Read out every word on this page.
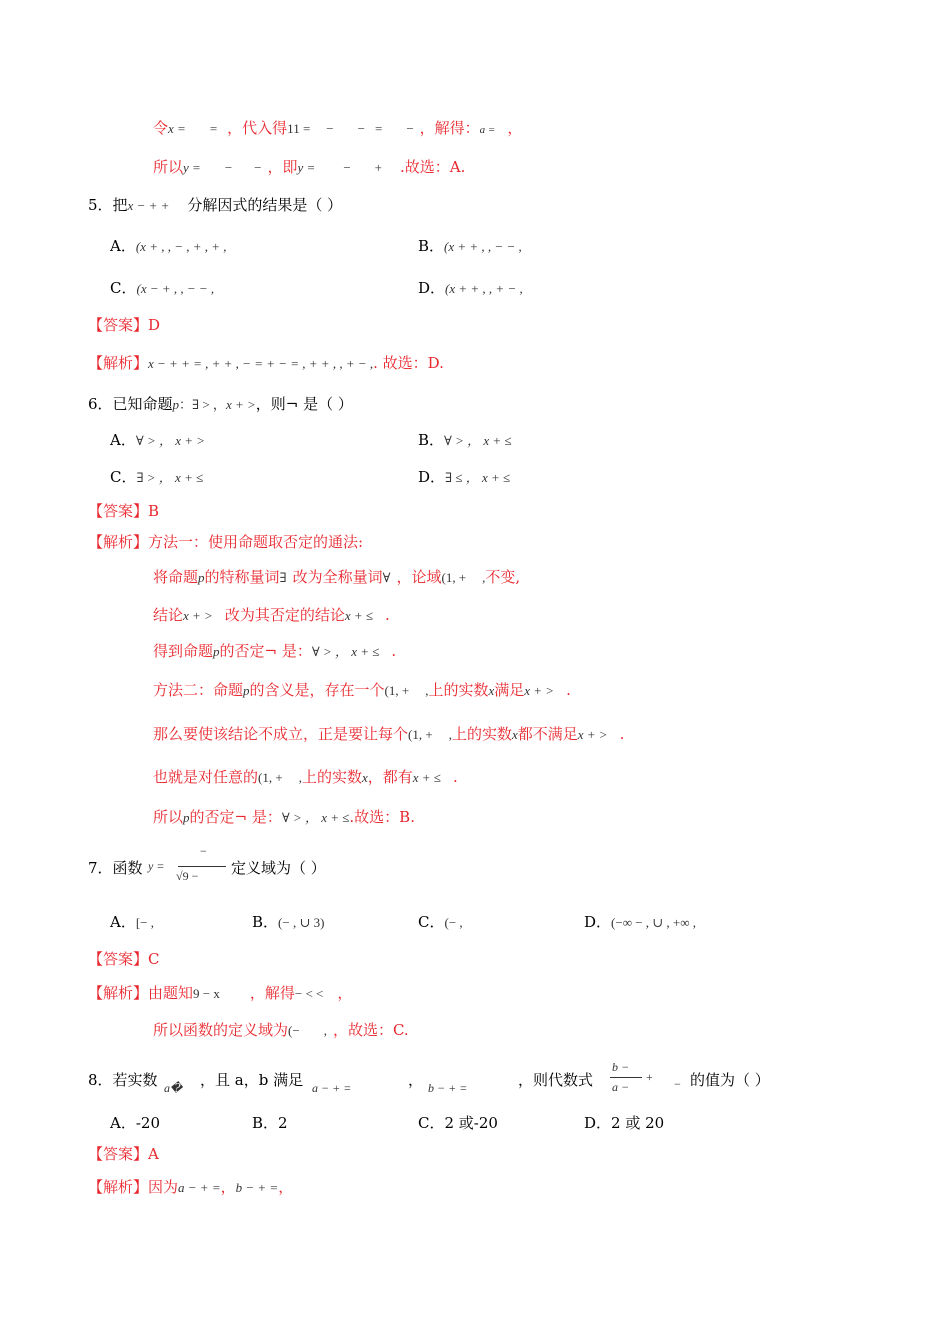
令x = = ，代入得11 = − − = − ，解得：a = ，
所以y = − − ，即y = − + .故选：A.
5．把x − + + 分解因式的结果是（ ）
A．(x + , , − , + , + ,	B．(x + + , , − − ,
C．(x − + , , − − ,	D．(x + + , , + − ,
【答案】D
【解析】x − + + = , + + , − = + − = , + + , , + − ,. 故选：D.
6．已知命题p：∃ > ，x + >，则¬ 是（ ）
A．∀ > ， x + >	B．∀ > ， x + ≤
C．∃ > ， x + ≤	D．∃ ≤ ， x + ≤
【答案】B
【解析】方法一：使用命题取否定的通法:
将命题p的特称量词∃ 改为全称量词∀ ，论域(1, + ,不变,
结论x + > 改为其否定的结论x + ≤ .
得到命题p的否定¬ 是：∀ > ， x + ≤ .
方法二：命题p的含义是，存在一个(1, + ,上的实数x满足x + > .
那么要使该结论不成立，正是要让每个(1, + ,上的实数x都不满足x + > .
也就是对任意的(1, + ,上的实数x，都有x + ≤ .
所以p的否定¬ 是：∀ > ， x + ≤.故选：B.
7．函数 y =
−
√9 − 定义域为（ ）
A．[− ,	B．(− , ∪ 3)	C．(− ,	D．(−∞ − , ∪ , +∞ ,
【答案】C
【解析】由题知9 − x ，解得− < < ，
所以函数的定义域为(− , ，故选：C.
8．若实数 a� ，且 a，b 满足 a − + =	， b − + =	，则代数式
b −
a −
+ − 的值为（ ）
A．-20	B．2	C．2 或-20	D．2 或 20
【答案】A
【解析】因为a − + =，b − + =，
